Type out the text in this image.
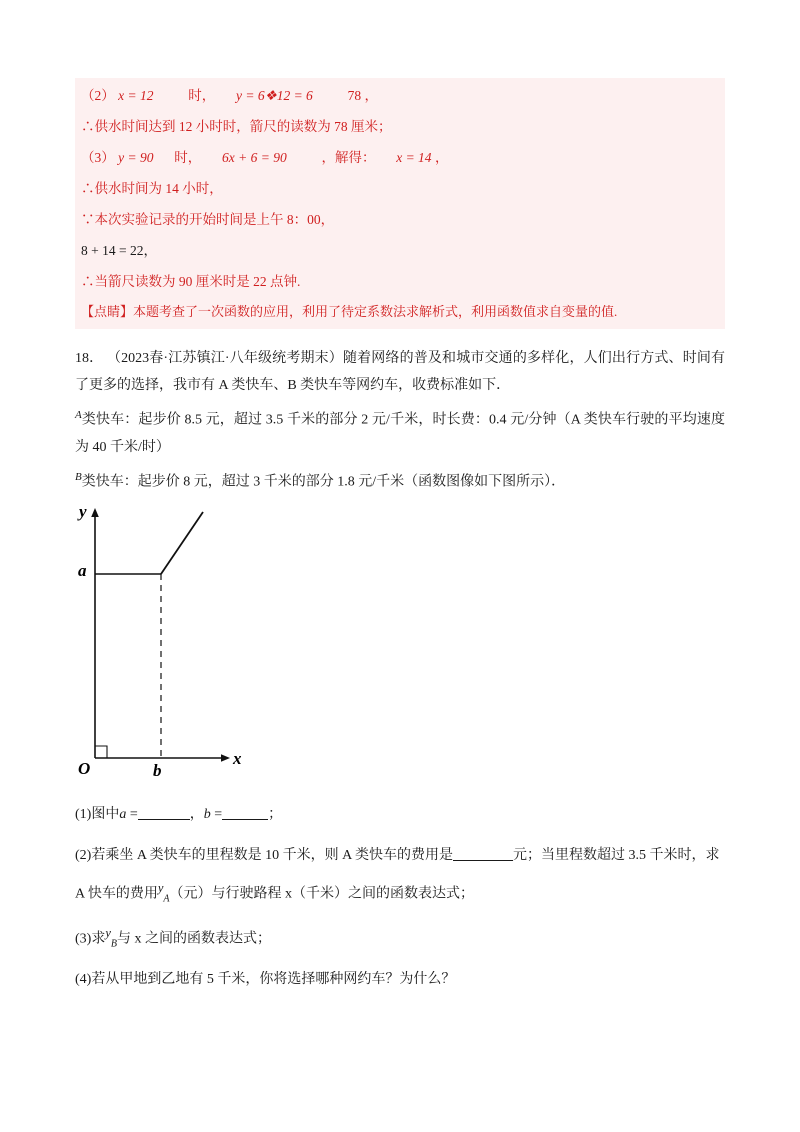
（2） x = 12	时， y = 6❖12 = 6	78 ，
∴供水时间达到 12 小时时，箭尺的读数为 78 厘米；
（3） y = 90 时， 6x + 6 = 90	，解得： x = 14 ，
∴供水时间为 14 小时，
∵本次实验记录的开始时间是上午 8：00，
8 + 14 = 22，
∴当箭尺读数为 90 厘米时是 22 点钟.
【点睛】本题考查了一次函数的应用，利用了待定系数法求解析式，利用函数值求自变量的值.
18． （2023春·江苏镇江·八年级统考期末）随着网络的普及和城市交通的多样化，人们出行方式、时间有了更多的选择，我市有 A 类快车、B 类快车等网约车，收费标准如下．
$^A$类快车：起步价 8.5 元，超过 3.5 千米的部分 2 元/千米，时长费：0.4 元/分钟（A 类快车行驶的平均速度为 40 千米/时）
$^B$类快车：起步价 8 元，超过 3 千米的部分 1.8 元/千米（函数图像如下图所示）．
y
x
O
a
b
(1)图中a =	，b =	；
(2)若乘坐 A 类快车的里程数是 10 千米，则 A 类快车的费用是	元；当里程数超过 3.5 千米时，求 A 快车的费用$y_A$（元）与行驶路程 x（千米）之间的函数表达式；
(3)求$y_B$与 x 之间的函数表达式；
(4)若从甲地到乙地有 5 千米，你将选择哪种网约车？为什么？
